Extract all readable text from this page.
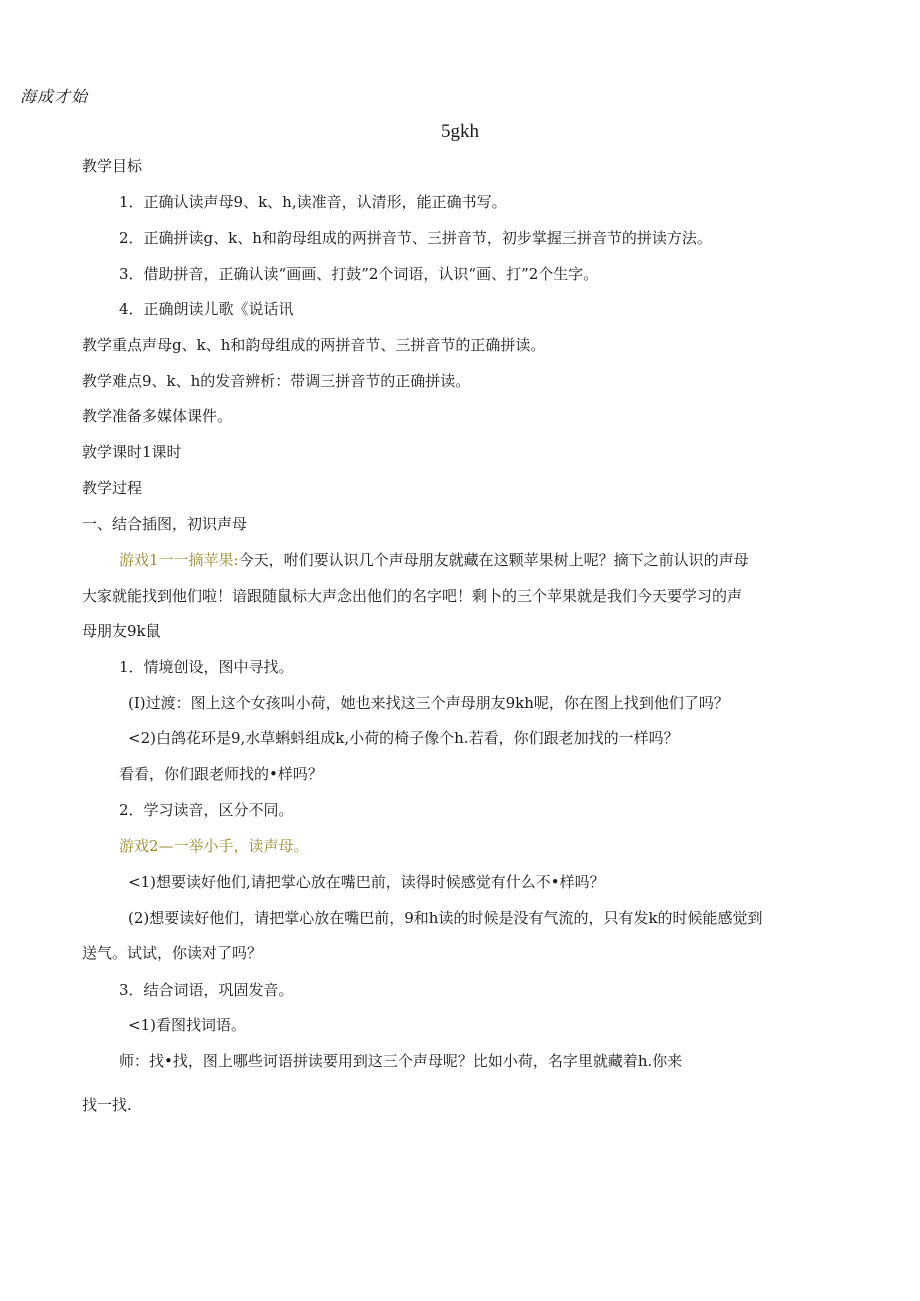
海成才始
5gkh
教学目标
1．正确认读声母9、k、h,读准音，认清形，能正确书写。
2．正确拼读g、k、h和韵母组成的两拼音节、三拼音节，初步掌握三拼音节的拼读方法。
3．借助拼音，正确认读“画画、打鼓”2个词语，认识“画、打”2个生字。
4．正确朗读儿歌《说话讯
教学重点声母g、k、h和韵母组成的两拼音节、三拼音节的正确拼读。
教学难点9、k、h的发音辨析：带调三拼音节的正确拼读。
教学准备多媒体课件。
敦学课时1课时
教学过程
一、结合插图，初识声母
游戏1一一摘苹果:今天，咐们要认识几个声母朋友就藏在这颗苹果树上呢？摘下之前认识的声母
大家就能找到他们啦！谙跟随鼠标大声念出他们的名字吧！剩卜的三个苹果就是我们今天要学习的声
母朋友9k鼠
1．情境创设，图中寻找。
(I)过渡：图上这个女孩叫小荷，她也来找这三个声母朋友9kh呢，你在图上找到他们了吗？
<2)白鸽花环是9,水草蝌蚪组成k,小荷的椅子像个h.若看，你们跟老加找的一样吗？
看看，你们跟老师找的•样吗？
2．学习读音，区分不同。
游戏2—一举小手，读声母。
<1)想要读好他们,请把掌心放在嘴巴前，读得时候感觉有什么不•样吗？
(2)想要读好他们，请把掌心放在嘴巴前，9和h读的时候是没有气流的，只有发k的时候能感觉到
送气。试试，你读对了吗？
3．结合词语，巩固发音。
<1)看图找词语。
师：找•找，图上哪些诃语拼读要用到这三个声母呢？比如小荷，名字里就藏着h.你来
找一找.
